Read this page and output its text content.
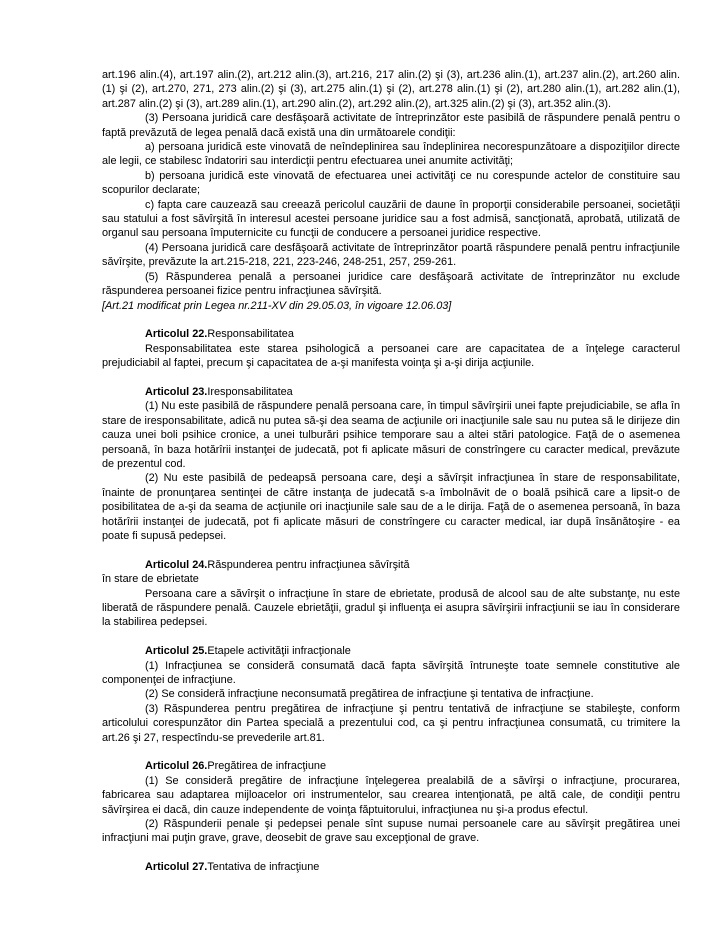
art.196 alin.(4), art.197 alin.(2), art.212 alin.(3), art.216, 217 alin.(2) şi (3), art.236 alin.(1), art.237 alin.(2), art.260 alin.(1) şi (2), art.270, 271, 273 alin.(2) şi (3), art.275 alin.(1) şi (2), art.278 alin.(1) şi (2), art.280 alin.(1), art.282 alin.(1), art.287 alin.(2) şi (3), art.289 alin.(1), art.290 alin.(2), art.292 alin.(2), art.325 alin.(2) şi (3), art.352 alin.(3).

(3) Persoana juridică care desfăşoară activitate de întreprinzător este pasibilă de răspundere penală pentru o faptă prevăzută de legea penală dacă există una din următoarele condiţii:

a) persoana juridică este vinovată de neîndeplinirea sau îndeplinirea necorespunzătoare a dispoziţiilor directe ale legii, ce stabilesc îndatoriri sau interdicţii pentru efectuarea unei anumite activităţi;

b) persoana juridică este vinovată de efectuarea unei activităţi ce nu corespunde actelor de constituire sau scopurilor declarate;

c) fapta care cauzează sau creează pericolul cauzării de daune în proporţii considerabile persoanei, societăţii sau statului a fost săvîrşită în interesul acestei persoane juridice sau a fost admisă, sancţionată, aprobată, utilizată de organul sau persoana împuternicite cu funcţii de conducere a persoanei juridice respective.

(4) Persoana juridică care desfăşoară activitate de întreprinzător poartă răspundere penală pentru infracţiunile săvîrşite, prevăzute la art.215-218, 221, 223-246, 248-251, 257, 259-261.

(5) Răspunderea penală a persoanei juridice care desfăşoară activitate de întreprinzător nu exclude răspunderea persoanei fizice pentru infracţiunea săvîrşită.

[Art.21 modificat prin Legea nr.211-XV din 29.05.03, în vigoare 12.06.03]

Articolul 22.Responsabilitatea

Responsabilitatea este starea psihologică a persoanei care are capacitatea de a înţelege caracterul prejudiciabil al faptei, precum şi capacitatea de a-şi manifesta voinţa şi a-şi dirija acţiunile.

Articolul 23.Iresponsabilitatea

(1) Nu este pasibilă de răspundere penală persoana care, în timpul săvîrşirii unei fapte prejudiciabile, se afla în stare de iresponsabilitate, adică nu putea să-şi dea seama de acţiunile ori inacţiunile sale sau nu putea să le dirijeze din cauza unei boli psihice cronice, a unei tulburări psihice temporare sau a altei stări patologice. Faţă de o asemenea persoană, în baza hotărîrii instanţei de judecată, pot fi aplicate măsuri de constrîngere cu caracter medical, prevăzute de prezentul cod.

(2) Nu este pasibilă de pedeapsă persoana care, deşi a săvîrşit infracţiunea în stare de responsabilitate, înainte de pronunţarea sentinţei de către instanţa de judecată s-a îmbolnăvit de o boală psihică care a lipsit-o de posibilitatea de a-şi da seama de acţiunile ori inacţiunile sale sau de a le dirija. Faţă de o asemenea persoană, în baza hotărîrii instanţei de judecată, pot fi aplicate măsuri de constrîngere cu caracter medical, iar după însănătoşire - ea poate fi supusă pedepsei.

Articolul 24.Răspunderea pentru infracţiunea săvîrşită

în stare de ebrietate

Persoana care a săvîrşit o infracţiune în stare de ebrietate, produsă de alcool sau de alte substanţe, nu este liberată de răspundere penală. Cauzele ebrietăţii, gradul şi influenţa ei asupra săvîrşirii infracţiunii se iau în considerare la stabilirea pedepsei.

Articolul 25.Etapele activităţii infracţionale

(1) Infracţiunea se consideră consumată dacă fapta săvîrşită întruneşte toate semnele constitutive ale componenţei de infracţiune.

(2) Se consideră infracţiune neconsumată pregătirea de infracţiune şi tentativa de infracţiune.

(3) Răspunderea pentru pregătirea de infracţiune şi pentru tentativă de infracţiune se stabileşte, conform articolului corespunzător din Partea specială a prezentului cod, ca şi pentru infracţiunea consumată, cu trimitere la art.26 şi 27, respectîndu-se prevederile art.81.

Articolul 26.Pregătirea de infracţiune

(1) Se consideră pregătire de infracţiune înţelegerea prealabilă de a săvîrşi o infracţiune, procurarea, fabricarea sau adaptarea mijloacelor ori instrumentelor, sau crearea intenţionată, pe altă cale, de condiţii pentru săvîrşirea ei dacă, din cauze independente de voinţa făptuitorului, infracţiunea nu şi-a produs efectul.

(2) Răspunderii penale şi pedepsei penale sînt supuse numai persoanele care au săvîrşit pregătirea unei infracţiuni mai puţin grave, grave, deosebit de grave sau excepţional de grave.

Articolul 27.Tentativa de infracţiune
